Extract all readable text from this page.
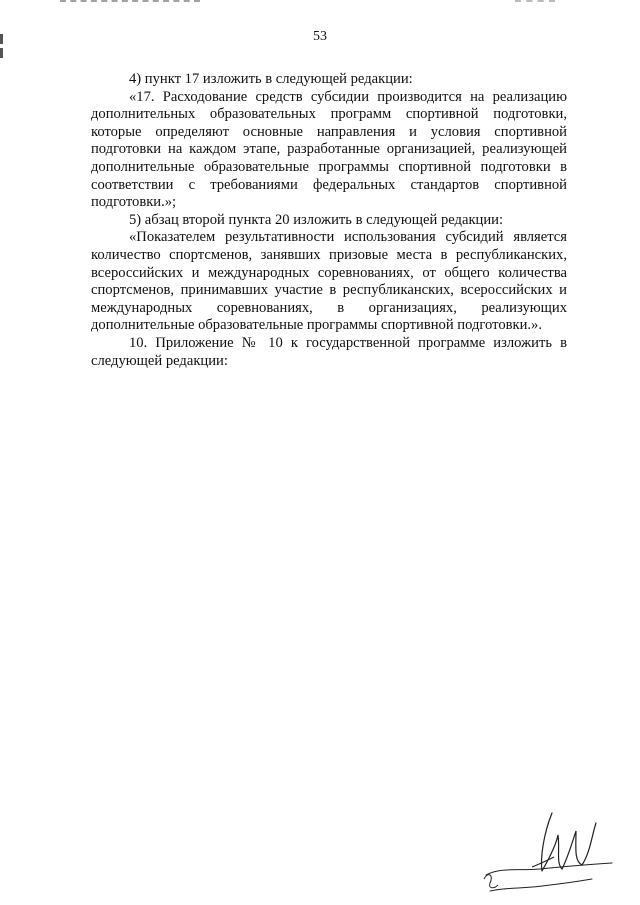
53

4) пункт 17 изложить в следующей редакции:

«17. Расходование средств субсидии производится на реализацию дополнительных образовательных программ спортивной подготовки, которые определяют основные направления и условия спортивной подготовки на каждом этапе, разработанные организацией, реализующей дополнительные образовательные программы спортивной подготовки в соответствии с требованиями федеральных стандартов спортивной подготовки.»;

5) абзац второй пункта 20 изложить в следующей редакции:

«Показателем результативности использования субсидий является количество спортсменов, занявших призовые места в республиканских, всероссийских и международных соревнованиях, от общего количества спортсменов, принимавших участие в республиканских, всероссийских и международных соревнованиях, в организациях, реализующих дополнительные образовательные программы спортивной подготовки.».

10. Приложение № 10 к государственной программе изложить в следующей редакции:
